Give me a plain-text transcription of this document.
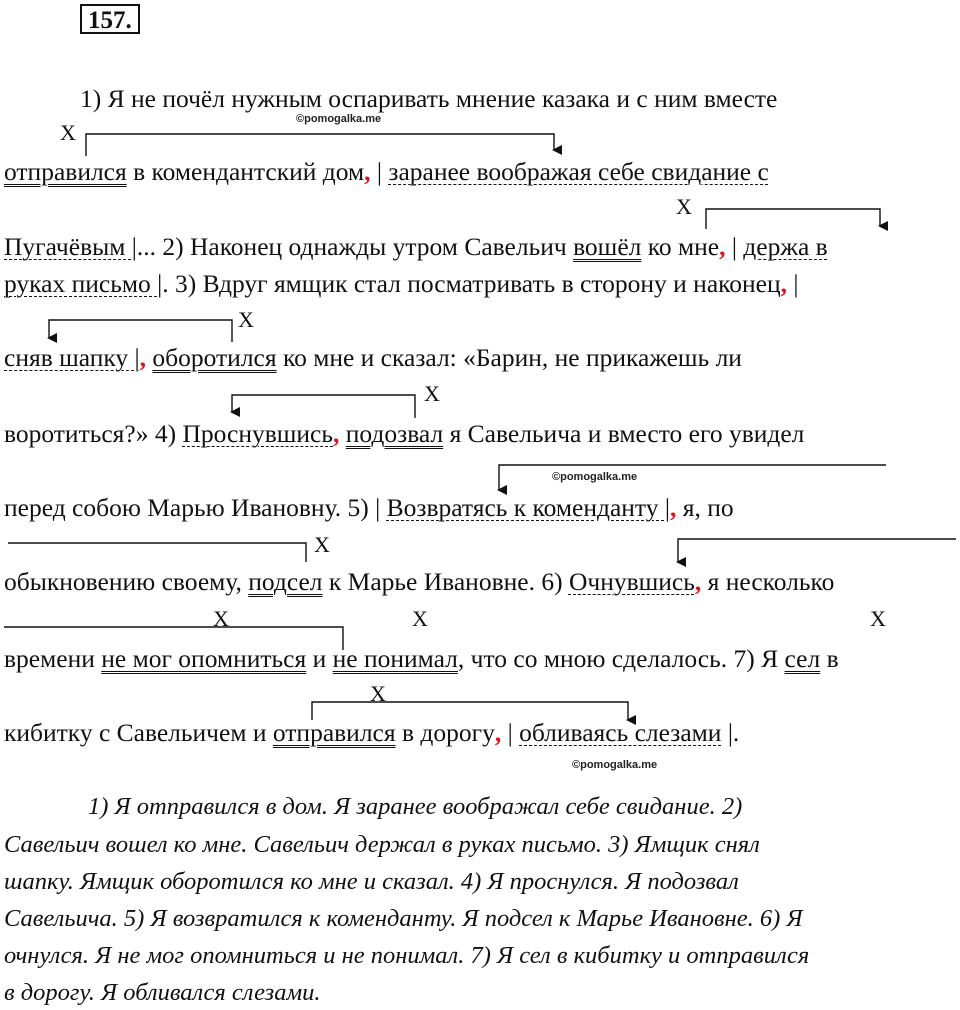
157.
©pomogalka.me
©pomogalka.me
©pomogalka.me
X
X
X
X
X
X	X	X
X
1) Я не почёл нужным оспаривать мнение казака и с ним вместе
отправился в комендантский дом, | заранее воображая себе свидание с
Пугачёвым |... 2) Наконец однажды утром Савельич вошёл ко мне, | держа в
руках письмо |. 3) Вдруг ямщик стал посматривать в сторону и наконец, |
сняв шапку |, оборотился ко мне и сказал: «Барин, не прикажешь ли
воротиться?» 4) Проснувшись, подозвал я Савельича и вместо его увидел
перед собою Марью Ивановну. 5) | Возвратясь к коменданту |, я, по
обыкновению своему, подсел к Марье Ивановне. 6) Очнувшись, я несколько
времени не мог опомниться и не понимал, что со мною сделалось. 7) Я сел в
кибитку с Савельичем и отправился в дорогу, | обливаясь слезами |.
1) Я отправился в дом. Я заранее воображал себе свидание. 2)
Савельич вошел ко мне. Савельич держал в руках письмо. 3) Ямщик снял
шапку. Ямщик оборотился ко мне и сказал. 4) Я проснулся. Я подозвал
Савельича. 5) Я возвратился к коменданту. Я подсел к Марье Ивановне. 6) Я
очнулся. Я не мог опомниться и не понимал. 7) Я сел в кибитку и отправился
в дорогу. Я обливался слезами.
